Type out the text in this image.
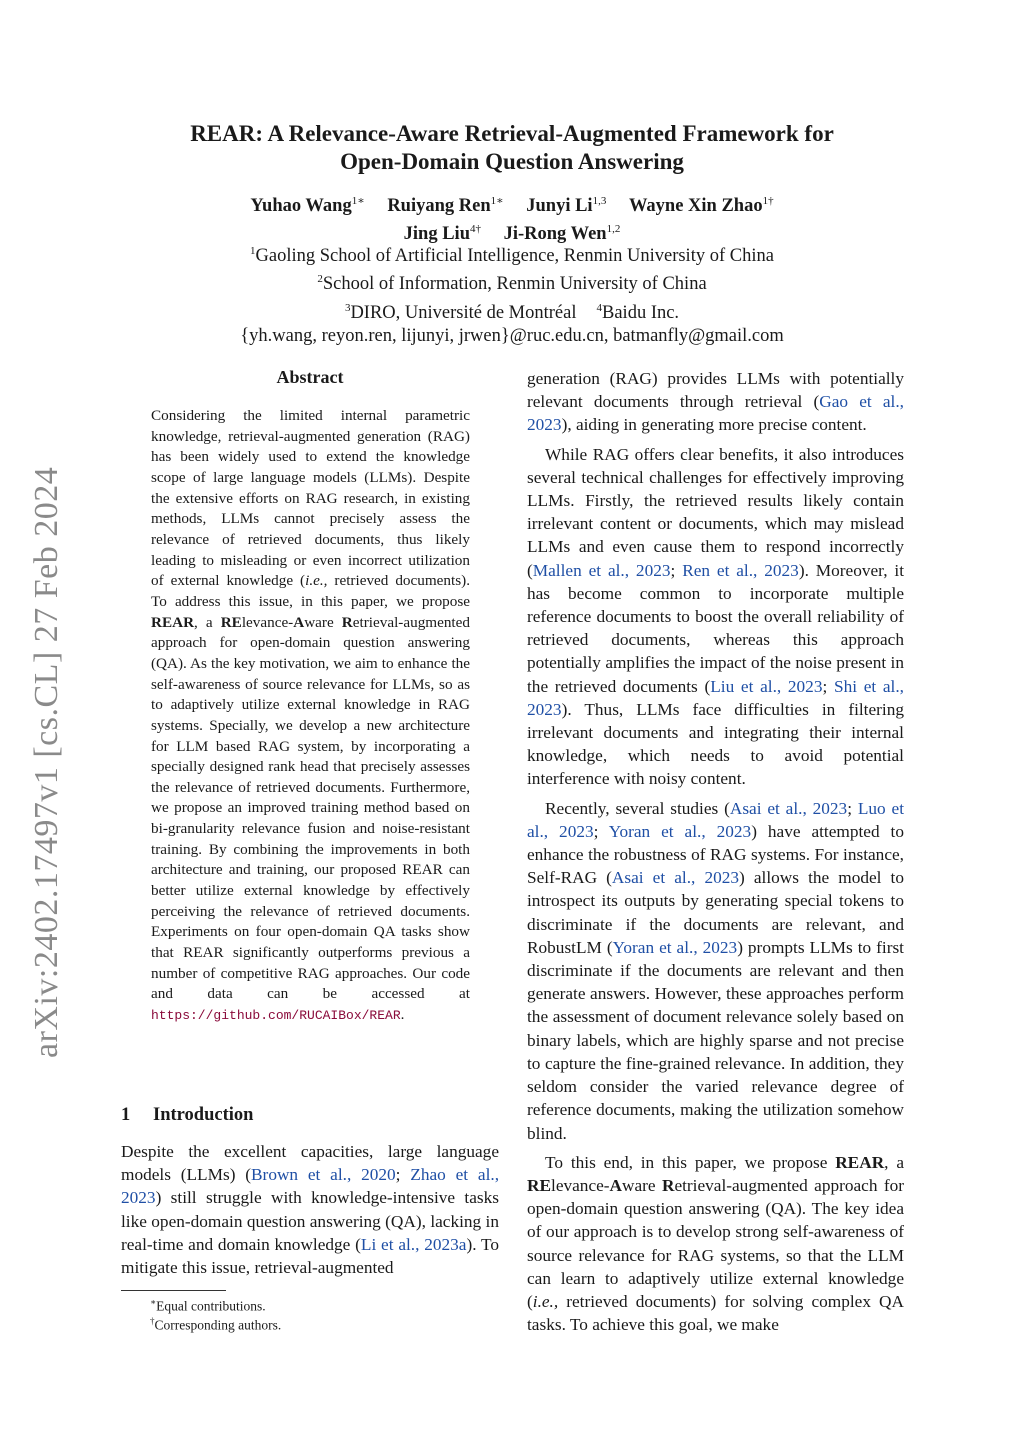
arXiv:2402.17497v1 [cs.CL] 27 Feb 2024
REAR: A Relevance-Aware Retrieval-Augmented Framework for
Open-Domain Question Answering
Yuhao Wang$^{1∗}$ Ruiyang Ren$^{1∗}$ Junyi Li$^{1,3}$ Wayne Xin Zhao$^{1\dagger}$
Jing Liu$^{4\dagger}$ Ji-Rong Wen$^{1,2}$
$^1$Gaoling School of Artificial Intelligence, Renmin University of China
$^2$School of Information, Renmin University of China
$^3$DIRO, Université de Montréal $^4$Baidu Inc.
{yh.wang, reyon.ren, lijunyi, jrwen}@ruc.edu.cn, batmanfly@gmail.com
Abstract
Considering the limited internal parametric knowledge, retrieval-augmented generation (RAG) has been widely used to extend the knowledge scope of large language models (LLMs). Despite the extensive efforts on RAG research, in existing methods, LLMs cannot precisely assess the relevance of retrieved documents, thus likely leading to misleading or even incorrect utilization of external knowledge (i.e., retrieved documents). To address this issue, in this paper, we propose REAR, a RElevance-Aware Retrieval-augmented approach for open-domain question answering (QA). As the key motivation, we aim to enhance the self-awareness of source relevance for LLMs, so as to adaptively utilize external knowledge in RAG systems. Specially, we develop a new architecture for LLM based RAG system, by incorporating a specially designed rank head that precisely assesses the relevance of retrieved documents. Furthermore, we propose an improved training method based on bi-granularity relevance fusion and noise-resistant training. By combining the improvements in both architecture and training, our proposed REAR can better utilize external knowledge by effectively perceiving the relevance of retrieved documents. Experiments on four open-domain QA tasks show that REAR significantly outperforms previous a number of competitive RAG approaches. Our code and data can be accessed at https://github.com/RUCAIBox/REAR.
1 Introduction

Despite the excellent capacities, large language models (LLMs) (Brown et al., 2020; Zhao et al., 2023) still struggle with knowledge-intensive tasks like open-domain question answering (QA), lacking in real-time and domain knowledge (Li et al., 2023a). To mitigate this issue, retrieval-augmented

∗Equal contributions.
†Corresponding authors.

generation (RAG) provides LLMs with potentially relevant documents through retrieval (Gao et al., 2023), aiding in generating more precise content.

While RAG offers clear benefits, it also introduces several technical challenges for effectively improving LLMs. Firstly, the retrieved results likely contain irrelevant content or documents, which may mislead LLMs and even cause them to respond incorrectly (Mallen et al., 2023; Ren et al., 2023). Moreover, it has become common to incorporate multiple reference documents to boost the overall reliability of retrieved documents, whereas this approach potentially amplifies the impact of the noise present in the retrieved documents (Liu et al., 2023; Shi et al., 2023). Thus, LLMs face difficulties in filtering irrelevant documents and integrating their internal knowledge, which needs to avoid potential interference with noisy content.

Recently, several studies (Asai et al., 2023; Luo et al., 2023; Yoran et al., 2023) have attempted to enhance the robustness of RAG systems. For instance, Self-RAG (Asai et al., 2023) allows the model to introspect its outputs by generating special tokens to discriminate if the documents are relevant, and RobustLM (Yoran et al., 2023) prompts LLMs to first discriminate if the documents are relevant and then generate answers. However, these approaches perform the assessment of document relevance solely based on binary labels, which are highly sparse and not precise to capture the fine-grained relevance. In addition, they seldom consider the varied relevance degree of reference documents, making the utilization somehow blind.

To this end, in this paper, we propose REAR, a RElevance-Aware Retrieval-augmented approach for open-domain question answering (QA). The key idea of our approach is to develop strong self-awareness of source relevance for RAG systems, so that the LLM can learn to adaptively utilize external knowledge (i.e., retrieved documents) for solving complex QA tasks. To achieve this goal, we make
